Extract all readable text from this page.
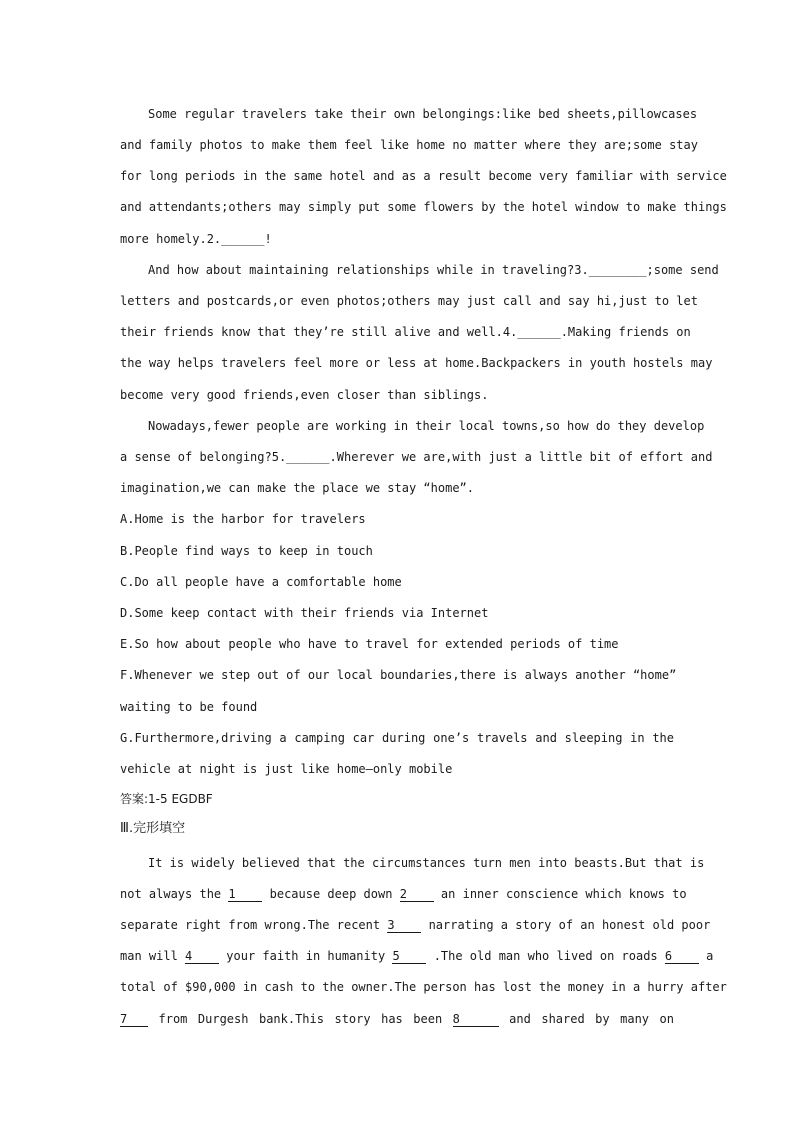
Some regular travelers take their own belongings:like bed sheets,pillowcases
and family photos to make them feel like home no matter where they are;some stay
for long periods in the same hotel and as a result become very familiar with service
and attendants;others may simply put some flowers by the hotel window to make things
more homely.2.______!
And how about maintaining relationships while in traveling?3.________;some send
letters and postcards,or even photos;others may just call and say hi,just to let
their friends know that they’re still alive and well.4.______.Making friends on
the way helps travelers feel more or less at home.Backpackers in youth hostels may
become very good friends,even closer than siblings.
Nowadays,fewer people are working in their local towns,so how do they develop
a sense of belonging?5.______.Wherever we are,with just a little bit of effort and
imagination,we can make the place we stay “home”.
A.Home is the harbor for travelers
B.People find ways to keep in touch
C.Do all people have a comfortable home
D.Some keep contact with their friends via Internet
E.So how about people who have to travel for extended periods of time
F.Whenever we step out of our local boundaries,there is always another “home”
waiting to be found
G.Furthermore,driving a camping car during one’s travels and sleeping in the
vehicle at night is just like home—only mobile
答案:1-5 EGDBF
Ⅲ.完形填空
It is widely believed that the circumstances turn men into beasts.But that is
not always the 1	because deep down 2	an inner conscience which knows to
separate right from wrong.The recent 3	narrating a story of an honest old poor
man will 4	your faith in humanity 5	.The old man who lived on roads 6	a
total of $90,000 in cash to the owner.The person has lost the money in a hurry after
7	from Durgesh bank.This story has been 8	and shared by many on
